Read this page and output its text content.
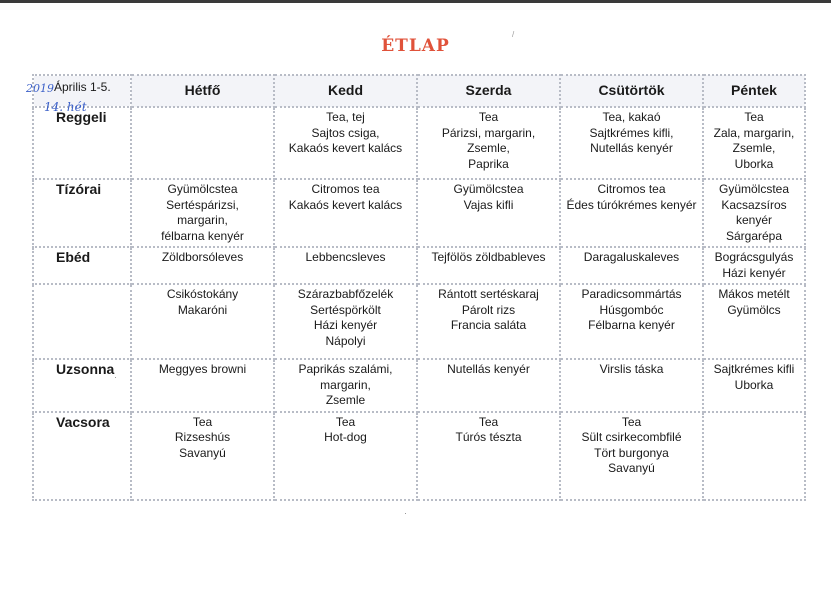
ÉTLAP
/
2019 Április 1-5.
14. hét	Hétfő	Kedd	Szerda	Csütörtök	Péntek
Reggeli		Tea, tej
Sajtos csiga,
Kakaós kevert kalács	Tea
Párizsi, margarin,
Zsemle,
Paprika	Tea, kakaó
Sajtkrémes kifli,
Nutellás kenyér	Tea
Zala, margarin,
Zsemle,
Uborka

Tízórai	Gyümölcstea
Sertéspárizsi,
margarin,
félbarna kenyér	Citromos tea
Kakaós kevert kalács	Gyümölcstea
Vajas kifli	Citromos tea
Édes túrókrémes kenyér	Gyümölcstea
Kacsazsíros kenyér
Sárgarépa

Ebéd	Zöldborsóleves	Lebbencsleves	Tejfölös zöldbableves	Daragaluskaleves	Bográcsgulyás
Házi kenyér

	Csikóstokány
Makaróni	Szárazbabfőzelék
Sertéspörkölt
Házi kenyér
Nápolyi	Rántott sertéskaraj
Párolt rizs
Francia saláta	Paradicsommártás
Húsgombóc
Félbarna kenyér	Mákos metélt
Gyümölcs

Uzsonna	Meggyes browni	Paprikás szalámi,
margarin,
Zsemle	Nutellás kenyér	Virslis táska	Sajtkrémes kifli
Uborka

Vacsora	Tea
Rizseshús
Savanyú	Tea
Hot-dog	Tea
Túrós tészta	Tea
Sült csirkecombfilé
Tört burgonya
Savanyú	

·
·
